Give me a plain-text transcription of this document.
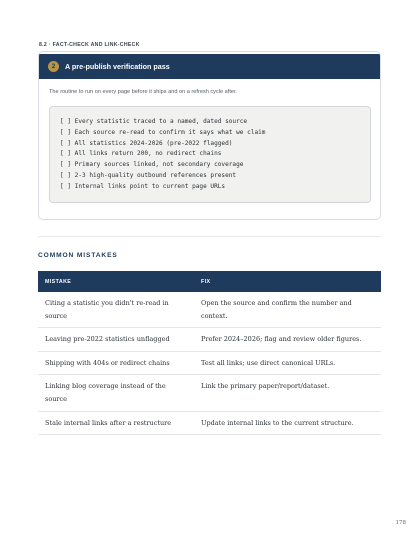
8.2 · FACT-CHECK AND LINK-CHECK
2	A pre-publish verification pass
The routine to run on every page before it ships and on a refresh cycle after.
[ ] Every statistic traced to a named, dated source
[ ] Each source re-read to confirm it says what we claim
[ ] All statistics 2024-2026 (pre-2022 flagged)
[ ] All links return 200, no redirect chains
[ ] Primary sources linked, not secondary coverage
[ ] 2-3 high-quality outbound references present
[ ] Internal links point to current page URLs
COMMON MISTAKES
MISTAKE	FIX
Citing a statistic you didn't re-read in source	Open the source and confirm the number and context.
Leaving pre-2022 statistics unflagged	Prefer 2024–2026; flag and review older figures.
Shipping with 404s or redirect chains	Test all links; use direct canonical URLs.
Linking blog coverage instead of the source	Link the primary paper/report/dataset.
Stale internal links after a restructure	Update internal links to the current structure.
178
